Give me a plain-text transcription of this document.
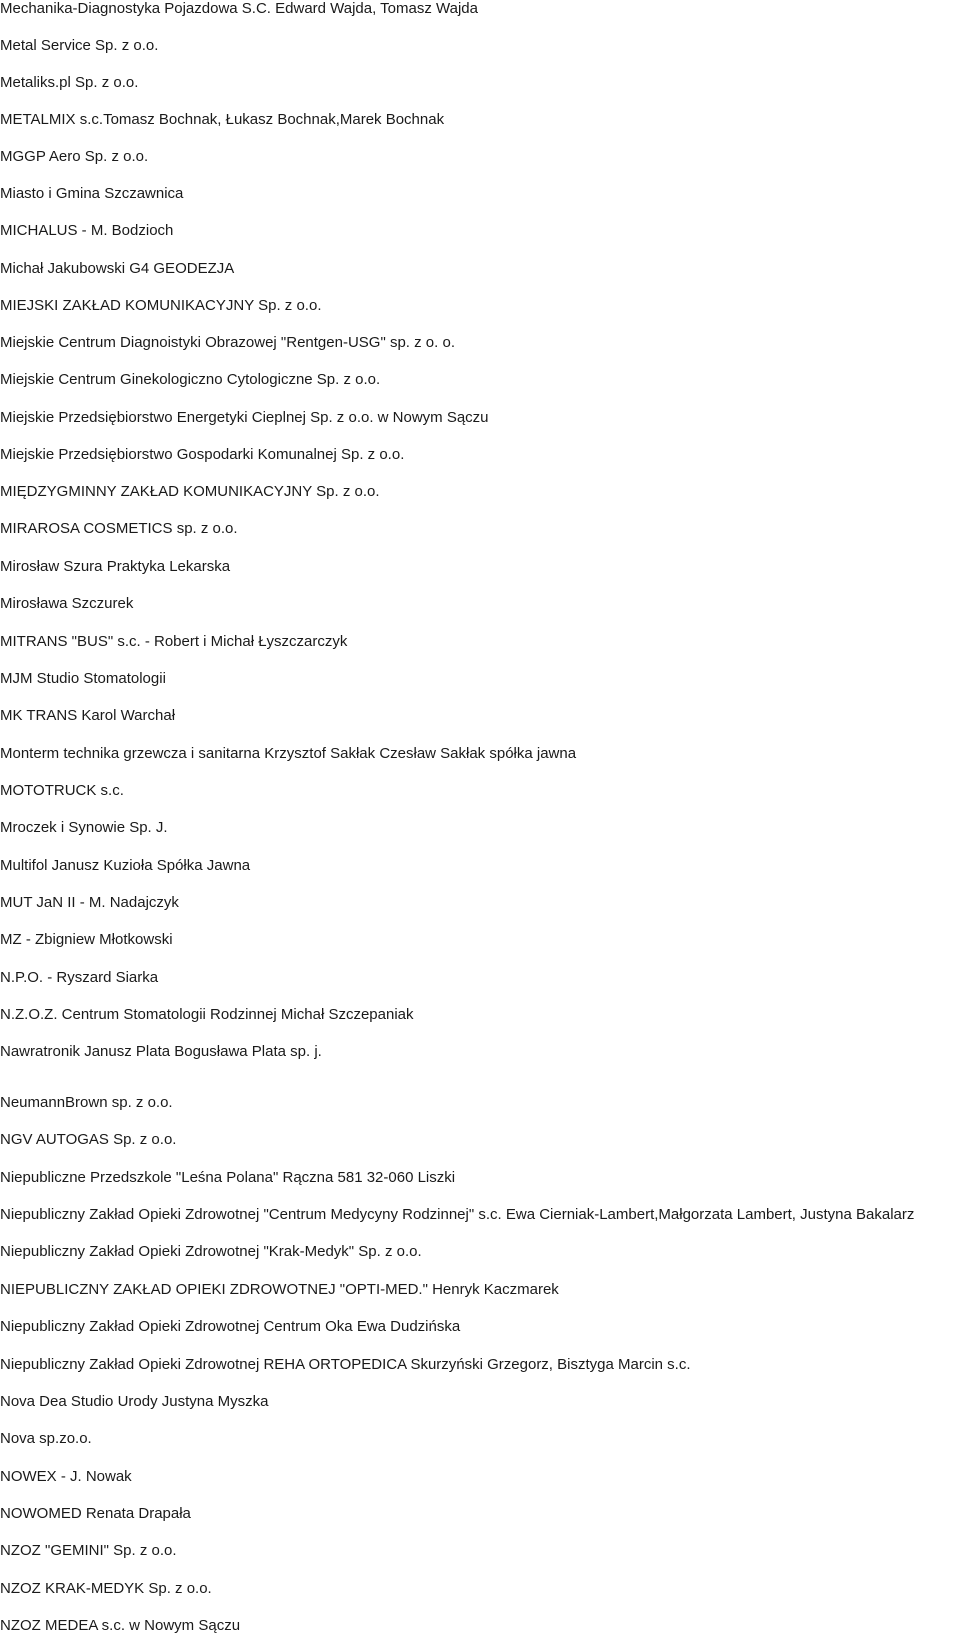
Mechanika-Diagnostyka Pojazdowa S.C. Edward Wajda, Tomasz Wajda
Metal Service Sp. z o.o.
Metaliks.pl Sp. z o.o.
METALMIX s.c.Tomasz Bochnak, Łukasz Bochnak,Marek Bochnak
MGGP Aero Sp. z o.o.
Miasto i Gmina Szczawnica
MICHALUS - M. Bodzioch
Michał Jakubowski G4 GEODEZJA
MIEJSKI ZAKŁAD KOMUNIKACYJNY Sp. z o.o.
Miejskie Centrum Diagnoistyki Obrazowej "Rentgen-USG" sp. z o. o.
Miejskie Centrum Ginekologiczno Cytologiczne Sp. z o.o.
Miejskie Przedsiębiorstwo Energetyki Cieplnej Sp. z o.o. w Nowym Sączu
Miejskie Przedsiębiorstwo Gospodarki Komunalnej Sp. z o.o.
MIĘDZYGMINNY ZAKŁAD KOMUNIKACYJNY Sp. z o.o.
MIRAROSA COSMETICS sp. z o.o.
Mirosław Szura Praktyka Lekarska
Mirosława Szczurek
MITRANS "BUS" s.c. - Robert i Michał Łyszczarczyk
MJM Studio Stomatologii
MK TRANS Karol Warchał
Monterm technika grzewcza i sanitarna Krzysztof Sakłak Czesław Sakłak spółka jawna
MOTOTRUCK s.c.
Mroczek i Synowie Sp. J.
Multifol Janusz Kuzioła Spółka Jawna
MUT JaN II - M. Nadajczyk
MZ - Zbigniew Młotkowski
N.P.O. - Ryszard Siarka
N.Z.O.Z. Centrum Stomatologii Rodzinnej Michał Szczepaniak
Nawratronik Janusz Plata Bogusława Plata sp. j.
NeumannBrown sp. z o.o.
NGV AUTOGAS Sp. z o.o.
Niepubliczne Przedszkole "Leśna Polana" Rączna 581 32-060 Liszki
Niepubliczny Zakład Opieki Zdrowotnej "Centrum Medycyny Rodzinnej" s.c. Ewa Cierniak-Lambert,Małgorzata Lambert, Justyna Bakalarz
Niepubliczny Zakład Opieki Zdrowotnej "Krak-Medyk" Sp. z o.o.
NIEPUBLICZNY ZAKŁAD OPIEKI ZDROWOTNEJ "OPTI-MED." Henryk Kaczmarek
Niepubliczny Zakład Opieki Zdrowotnej Centrum Oka Ewa Dudzińska
Niepubliczny Zakład Opieki Zdrowotnej REHA ORTOPEDICA Skurzyński Grzegorz, Bisztyga Marcin s.c.
Nova Dea Studio Urody Justyna Myszka
Nova sp.zo.o.
NOWEX - J. Nowak
NOWOMED Renata Drapała
NZOZ "GEMINI" Sp. z o.o.
NZOZ KRAK-MEDYK Sp. z o.o.
NZOZ MEDEA s.c. w Nowym Sączu
